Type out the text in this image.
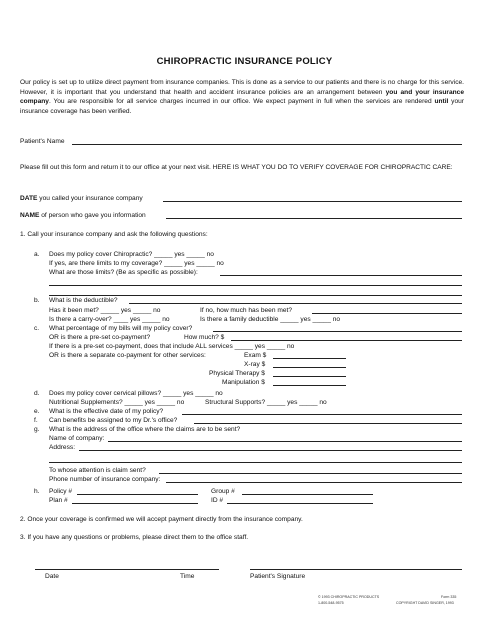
CHIROPRACTIC INSURANCE POLICY
Our policy is set up to utilize direct payment from insurance companies. This is done as a service to our patients and there is no charge for this service. However, it is important that you understand that health and accident insurance policies are an arrangement between you and your insurance company. You are responsible for all service charges incurred in our office. We expect payment in full when the services are rendered until your insurance coverage has been verified.
Patient's Name
Please fill out this form and return it to our office at your next visit. HERE IS WHAT YOU DO TO VERIFY COVERAGE FOR CHIROPRACTIC CARE:
DATE you called your insurance company
NAME of person who gave you information
1. Call your insurance company and ask the following questions:
a. Does my policy cover Chiropractic? _____ yes _____ no
If yes, are there limits to my coverage? _____ yes _____ no
What are those limits? (Be as specific as possible):
b. What is the deductible?
Has it been met? _____ yes _____ no	If no, how much has been met?
Is there a carry-over? ____ yes _____ no	Is there a family deductible _____ yes _____ no
c. What percentage of my bills will my policy cover?
OR is there a pre-set co-payment?	How much? $
If there is a pre-set co-payment, does that include ALL services _____ yes _____ no
OR is there a separate co-payment for other services:	Exam $
X-ray $
Physical Therapy $
Manipulation $
d. Does my policy cover cervical pillows? _____ yes _____ no
Nutritional Supplements? _____ yes _____ no	Structural Supports? _____ yes _____ no
e. What is the effective date of my policy?
f. Can benefits be assigned to my Dr.'s office?
g. What is the address of the office where the claims are to be sent?
Name of company:
Address:
To whose attention is claim sent?
Phone number of insurance company:
h. Policy #	Group #
Plan #	ID #
2. Once your coverage is confirmed we will accept payment directly from the insurance company.
3. If you have any questions or problems, please direct them to the office staff.
Date	Time	Patient's Signature
© 1993 CHIROPRACTIC PRODUCTS	Form 335
1-800-548-9575	COPYRIGHT DAVID SINGER, 1993
